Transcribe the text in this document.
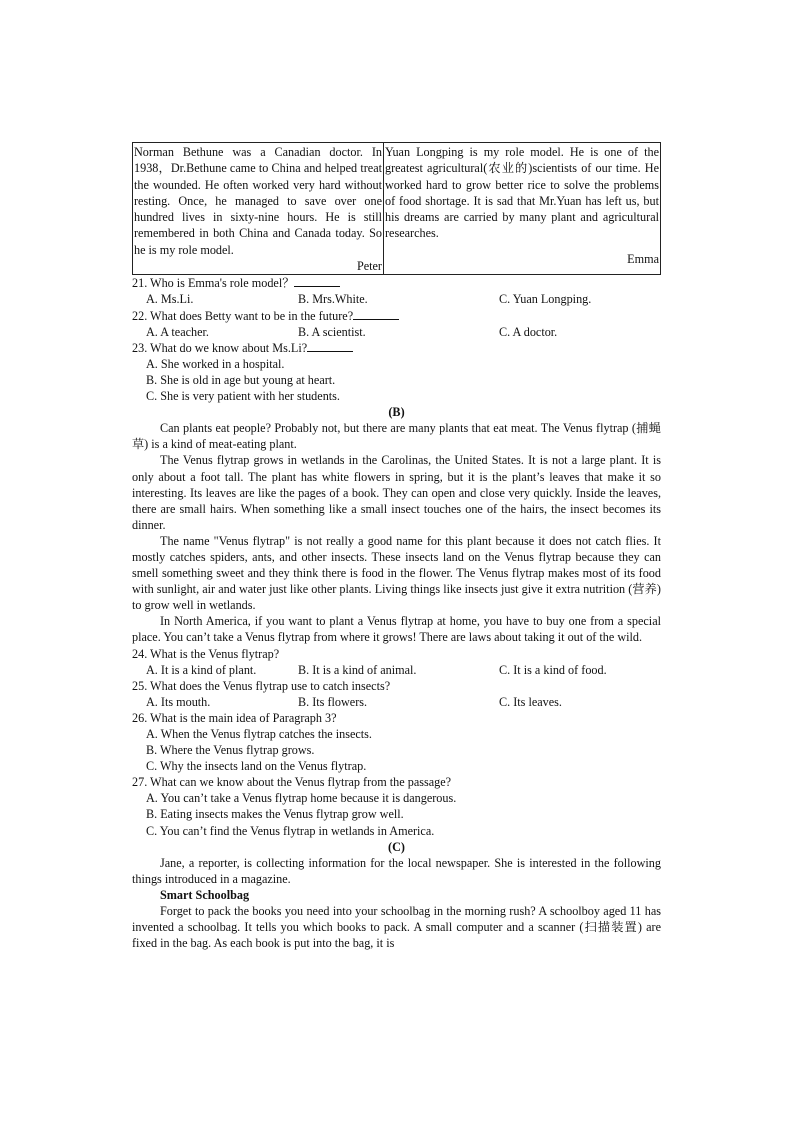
Norman Bethune was a Canadian doctor. In 1938，Dr.Bethune came to China and helped treat the wounded. He often worked very hard without resting. Once, he managed to save over one hundred lives in sixty-nine hours. He is still remembered in both China and Canada today. So he is my role model.
Peter
	Yuan Longping is my role model. He is one of the greatest agricultural(农业的)scientists of our time. He worked hard to grow better rice to solve the problems of food shortage. It is sad that Mr.Yuan has left us, but his dreams are carried by many plant and agricultural researches.
Emma

21. Who is Emma's role model？

A. Ms.Li.	B. Mrs.White.	C. Yuan Longping.

22. What does Betty want to be in the future?

A. A teacher.	B. A scientist.	C. A doctor.

23. What do we know about Ms.Li?

A. She worked in a hospital.

B. She is old in age but young at heart.

C. She is very patient with her students.

(B)

Can plants eat people? Probably not, but there are many plants that eat meat. The Venus flytrap (捕蝇草) is a kind of meat-eating plant.

The Venus flytrap grows in wetlands in the Carolinas, the United States. It is not a large plant. It is only about a foot tall. The plant has white flowers in spring, but it is the plant’s leaves that make it so interesting. Its leaves are like the pages of a book. They can open and close very quickly. Inside the leaves, there are small hairs. When something like a small insect touches one of the hairs, the insect becomes its dinner.

The name "Venus flytrap" is not really a good name for this plant because it does not catch flies. It mostly catches spiders, ants, and other insects. These insects land on the Venus flytrap because they can smell something sweet and they think there is food in the flower. The Venus flytrap makes most of its food with sunlight, air and water just like other plants. Living things like insects just give it extra nutrition (营养) to grow well in wetlands.

In North America, if you want to plant a Venus flytrap at home, you have to buy one from a special place. You can’t take a Venus flytrap from where it grows! There are laws about taking it out of the wild.

24. What is the Venus flytrap?

A. It is a kind of plant.	B. It is a kind of animal.	C. It is a kind of food.

25. What does the Venus flytrap use to catch insects?

A. Its mouth.	B. Its flowers.	C. Its leaves.

26. What is the main idea of Paragraph 3?

A. When the Venus flytrap catches the insects.

B. Where the Venus flytrap grows.

C. Why the insects land on the Venus flytrap.

27. What can we know about the Venus flytrap from the passage?

A. You can’t take a Venus flytrap home because it is dangerous.

B. Eating insects makes the Venus flytrap grow well.

C. You can’t find the Venus flytrap in wetlands in America.

(C)

Jane, a reporter, is collecting information for the local newspaper. She is interested in the following things introduced in a magazine.

Smart Schoolbag

Forget to pack the books you need into your schoolbag in the morning rush? A schoolboy aged 11 has invented a schoolbag. It tells you which books to pack. A small computer and a scanner (扫描装置) are fixed in the bag. As each book is put into the bag, it is
